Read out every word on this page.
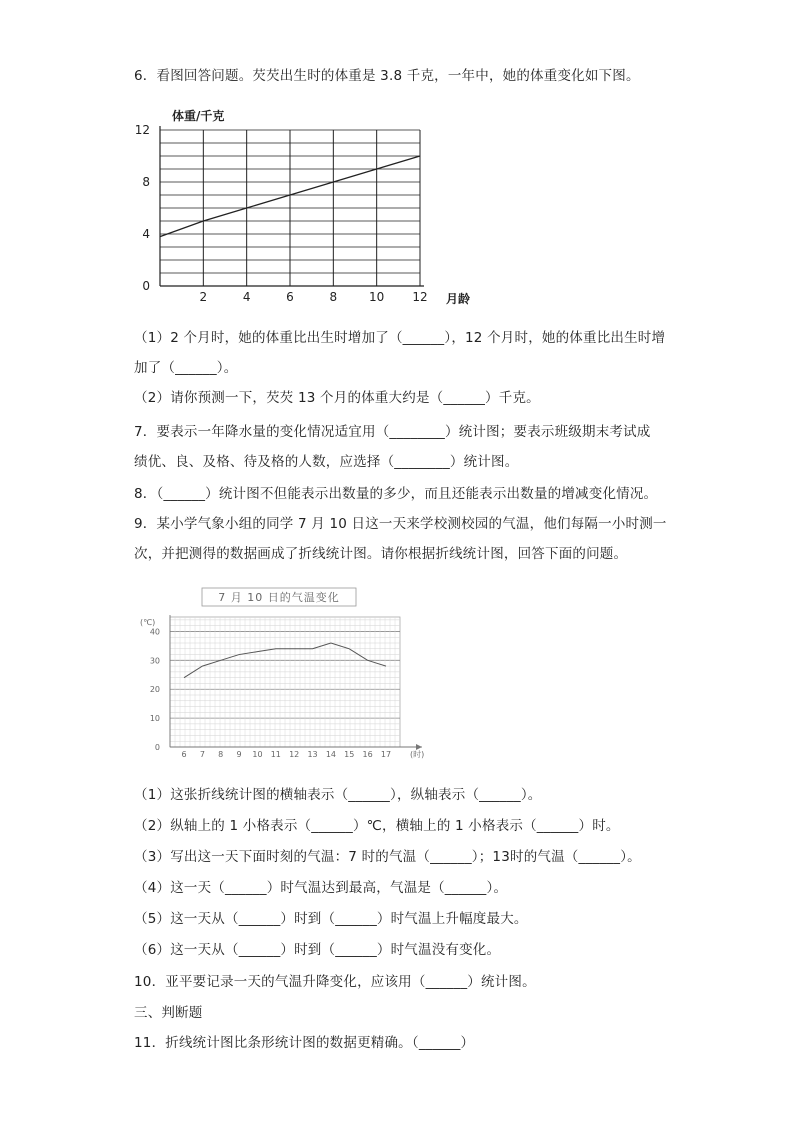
6．看图回答问题。芡芡出生时的体重是 3.8 千克，一年中，她的体重变化如下图。
2	4	6	8	10 12
0
4
8
12
体重/千克
月龄
（1）2 个月时，她的体重比出生时增加了（______），12 个月时，她的体重比出生时增
加了（______）。
（2）请你预测一下，芡芡 13 个月的体重大约是（______）千克。
7．要表示一年降水量的变化情况适宜用（________）统计图；要表示班级期末考试成
绩优、良、及格、待及格的人数，应选择（________）统计图。
8．（______）统计图不但能表示出数量的多少，而且还能表示出数量的增减变化情况。
9．某小学气象小组的同学 7 月 10 日这一天来学校测校园的气温，他们每隔一小时测一
次，并把测得的数据画成了折线统计图。请你根据折线统计图，回答下面的问题。
7 月 10 日的气温变化
6 7 8 9 10 11 12 13 14 15 16 17
0
10
20
30
40
(℃)
(时)
（1）这张折线统计图的横轴表示（______），纵轴表示（______）。
（2）纵轴上的 1 小格表示（______）℃，横轴上的 1 小格表示（______）时。
（3）写出这一天下面时刻的气温：7 时的气温（______）；13时的气温（______）。
（4）这一天（______）时气温达到最高，气温是（______）。
（5）这一天从（______）时到（______）时气温上升幅度最大。
（6）这一天从（______）时到（______）时气温没有变化。
10．亚平要记录一天的气温升降变化，应该用（______）统计图。
三、判断题
11．折线统计图比条形统计图的数据更精确。（______）
